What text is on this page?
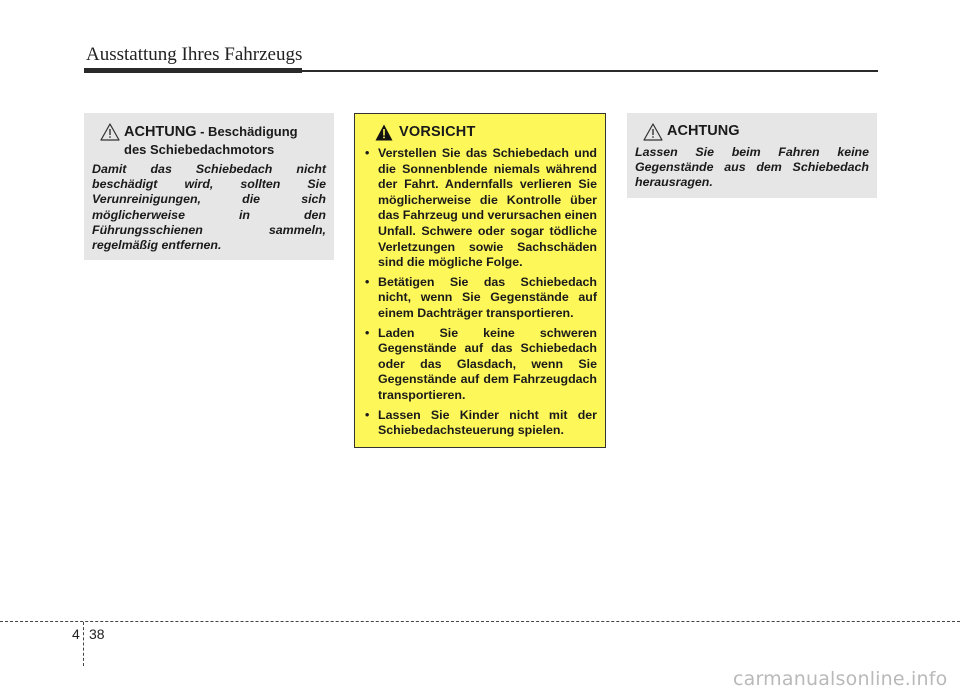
Ausstattung Ihres Fahrzeugs
ACHTUNG - Beschädigung
des Schiebedachmotors
Damit das Schiebedach nicht beschädigt wird, sollten Sie Verunreinigungen, die sich möglicherweise in den Führungsschienen sammeln, regelmäßig entfernen.
VORSICHT
• Verstellen Sie das Schiebedach und die Sonnenblende niemals während der Fahrt. Andernfalls verlieren Sie möglicherweise die Kontrolle über das Fahrzeug und verursachen einen Unfall. Schwere oder sogar tödliche Verletzungen sowie Sachschäden sind die mögliche Folge.
• Betätigen Sie das Schiebedach nicht, wenn Sie Gegenstände auf einem Dachträger transportieren.
• Laden Sie keine schweren Gegenstände auf das Schiebedach oder das Glasdach, wenn Sie Gegenstände auf dem Fahrzeugdach transportieren.
• Lassen Sie Kinder nicht mit der Schiebedachsteuerung spielen.
ACHTUNG
Lassen Sie beim Fahren keine Gegenstände aus dem Schiebedach herausragen.
4 38
carmanualsonline.info
